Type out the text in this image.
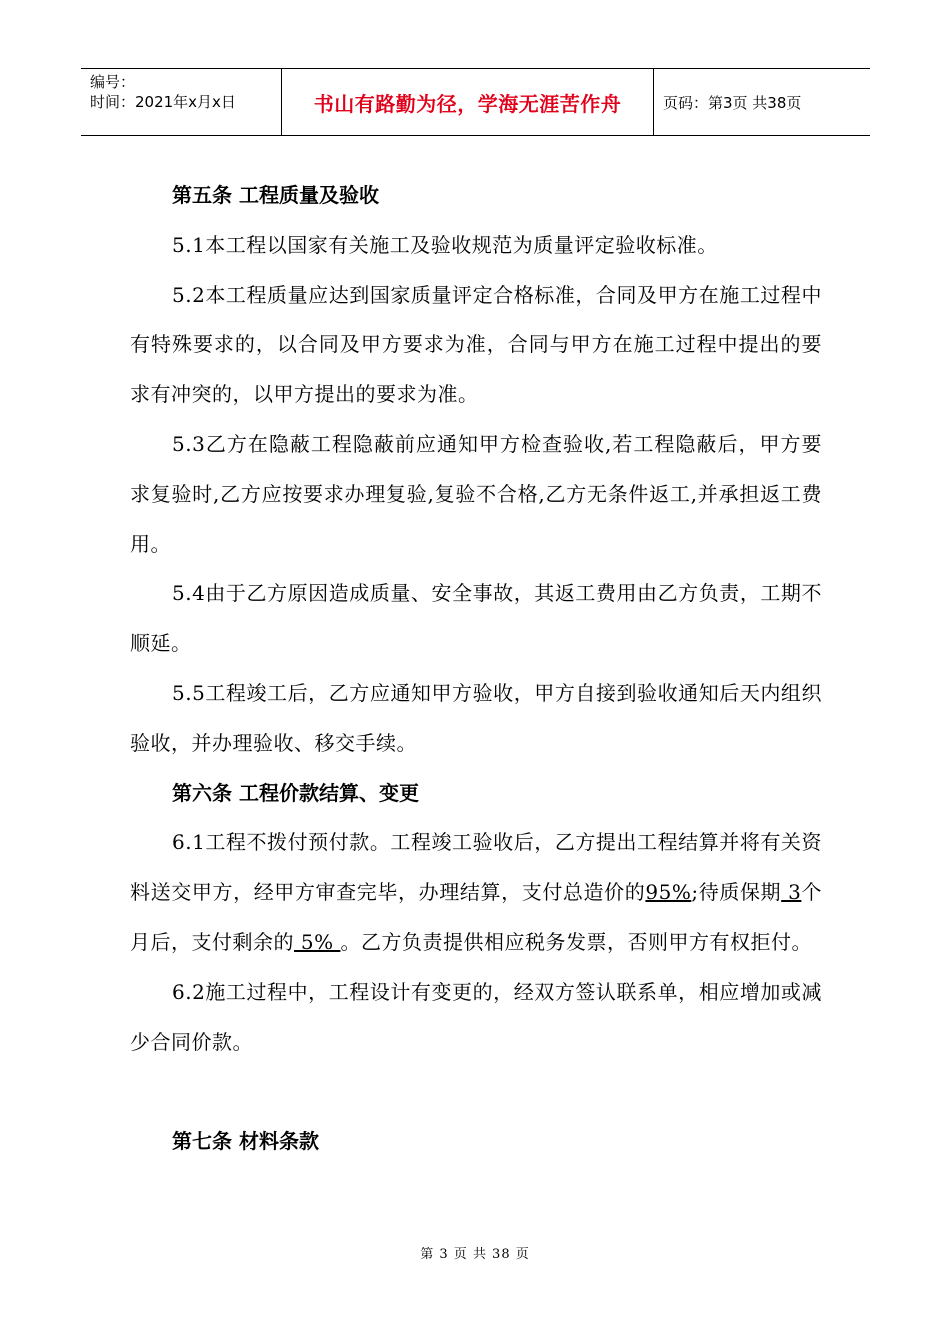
编号：
时间：2021年x月x日	书山有路勤为径，学海无涯苦作舟	页码：第3页 共38页

第五条 工程质量及验收

5.1本工程以国家有关施工及验收规范为质量评定验收标准。

5.2本工程质量应达到国家质量评定合格标准，合同及甲方在施工过程中有特殊要求的，以合同及甲方要求为准，合同与甲方在施工过程中提出的要求有冲突的，以甲方提出的要求为准。

5.3乙方在隐蔽工程隐蔽前应通知甲方检查验收,若工程隐蔽后，甲方要求复验时,乙方应按要求办理复验,复验不合格,乙方无条件返工,并承担返工费用。

5.4由于乙方原因造成质量、安全事故，其返工费用由乙方负责，工期不顺延。

5.5工程竣工后，乙方应通知甲方验收，甲方自接到验收通知后天内组织验收，并办理验收、移交手续。

第六条 工程价款结算、变更

6.1工程不拨付预付款。工程竣工验收后，乙方提出工程结算并将有关资料送交甲方，经甲方审查完毕，办理结算，支付总造价的95%;待质保期 3个月后，支付剩余的 5% 。乙方负责提供相应税务发票，否则甲方有权拒付。

6.2施工过程中，工程设计有变更的，经双方签认联系单，相应增加或减少合同价款。

第七条 材料条款

第 3 页 共 38 页
